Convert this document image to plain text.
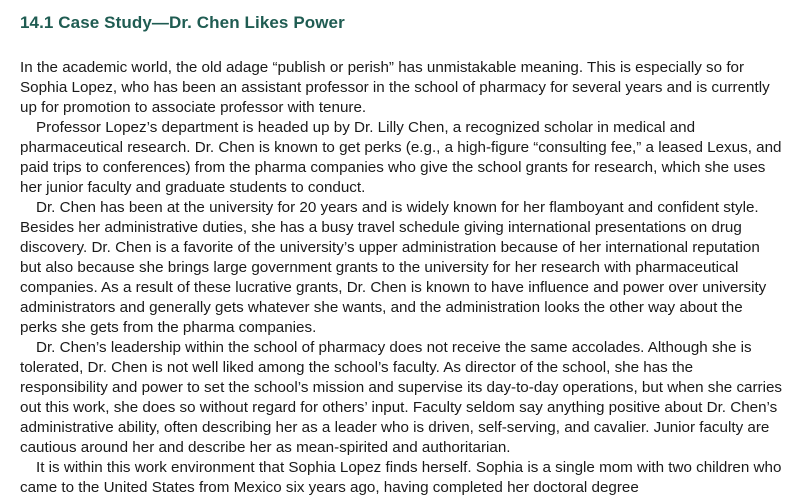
14.1 Case Study—Dr. Chen Likes Power

In the academic world, the old adage “publish or perish” has unmistakable meaning. This is especially so for Sophia Lopez, who has been an assistant professor in the school of pharmacy for several years and is currently up for promotion to associate professor with tenure.

Professor Lopez’s department is headed up by Dr. Lilly Chen, a recognized scholar in medical and pharmaceutical research. Dr. Chen is known to get perks (e.g., a high-figure “consulting fee,” a leased Lexus, and paid trips to conferences) from the pharma companies who give the school grants for research, which she uses her junior faculty and graduate students to conduct.

Dr. Chen has been at the university for 20 years and is widely known for her flamboyant and confident style. Besides her administrative duties, she has a busy travel schedule giving international presentations on drug discovery. Dr. Chen is a favorite of the university’s upper administration because of her international reputation but also because she brings large government grants to the university for her research with pharmaceutical companies. As a result of these lucrative grants, Dr. Chen is known to have influence and power over university administrators and generally gets whatever she wants, and the administration looks the other way about the perks she gets from the pharma companies.

Dr. Chen’s leadership within the school of pharmacy does not receive the same accolades. Although she is tolerated, Dr. Chen is not well liked among the school’s faculty. As director of the school, she has the responsibility and power to set the school’s mission and supervise its day-to-day operations, but when she carries out this work, she does so without regard for others’ input. Faculty seldom say anything positive about Dr. Chen’s administrative ability, often describing her as a leader who is driven, self-serving, and cavalier. Junior faculty are cautious around her and describe her as mean-spirited and authoritarian.

It is within this work environment that Sophia Lopez finds herself. Sophia is a single mom with two children who came to the United States from Mexico six years ago, having completed her doctoral degree
